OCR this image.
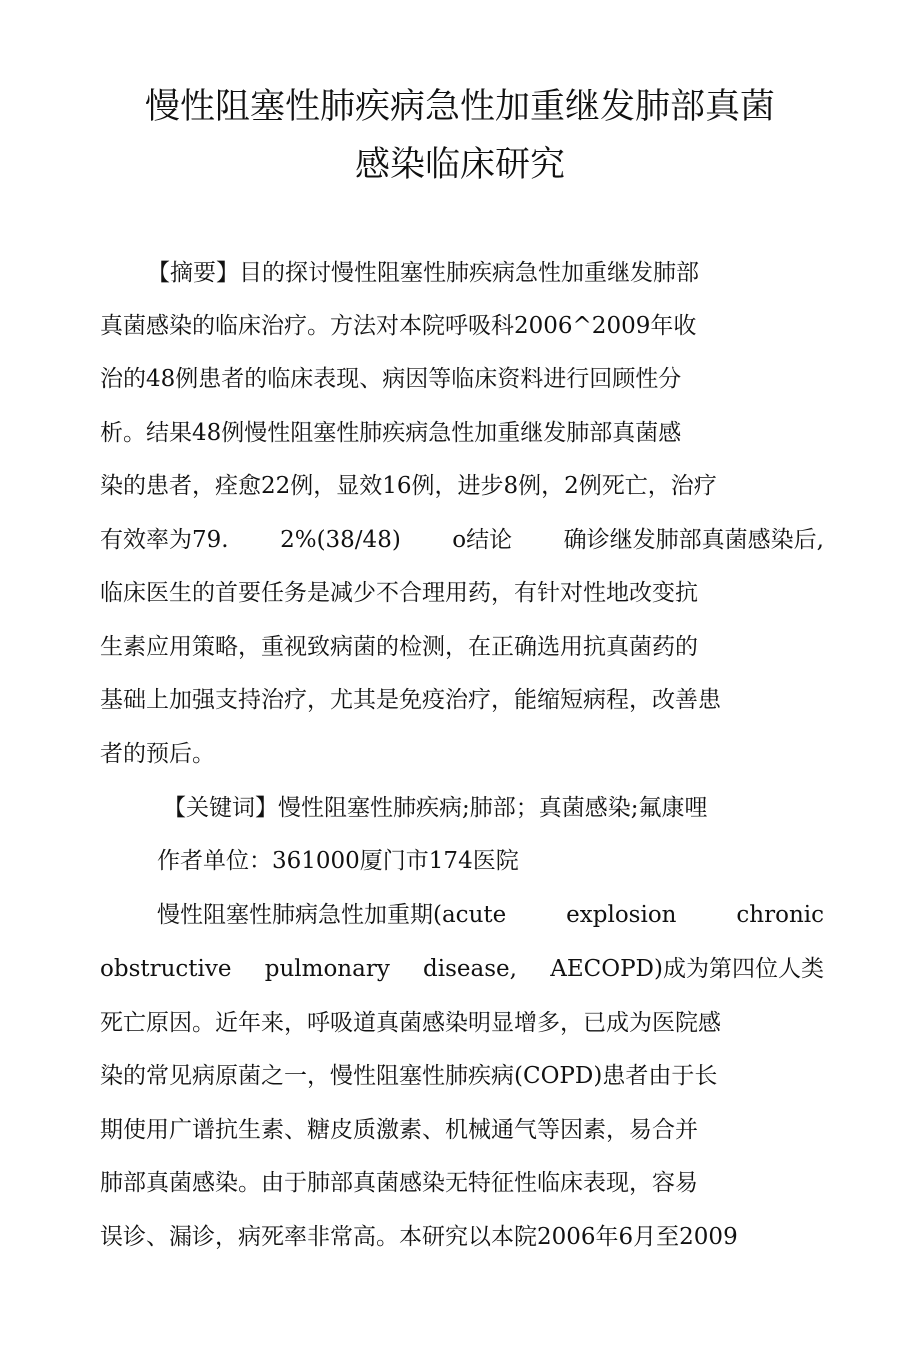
慢性阻塞性肺疾病急性加重继发肺部真菌
感染临床研究
【摘要】目的探讨慢性阻塞性肺疾病急性加重继发肺部
真菌感染的临床治疗。方法对本院呼吸科2006^2009年收
治的48例患者的临床表现、病因等临床资料进行回顾性分
析。结果48例慢性阻塞性肺疾病急性加重继发肺部真菌感
染的患者，痊愈22例，显效16例，进步8例，2例死亡，治疗
有效率为79. 2%(38/48) o结论 确诊继发肺部真菌感染后,
临床医生的首要任务是减少不合理用药，有针对性地改变抗
生素应用策略，重视致病菌的检测，在正确选用抗真菌药的
基础上加强支持治疗，尤其是免疫治疗，能缩短病程，改善患
者的预后。
【关键词】慢性阻塞性肺疾病;肺部；真菌感染;氟康哩
作者单位：361000厦门市174医院
慢性阻塞性肺病急性加重期(acute	explosion	chronic
obstructive pulmonary disease, AECOPD)成为第四位人类
死亡原因。近年来，呼吸道真菌感染明显增多，已成为医院感
染的常见病原菌之一，慢性阻塞性肺疾病(COPD)患者由于长
期使用广谱抗生素、糖皮质激素、机械通气等因素，易合并
肺部真菌感染。由于肺部真菌感染无特征性临床表现，容易
误诊、漏诊，病死率非常高。本研究以本院2006年6月至2009
